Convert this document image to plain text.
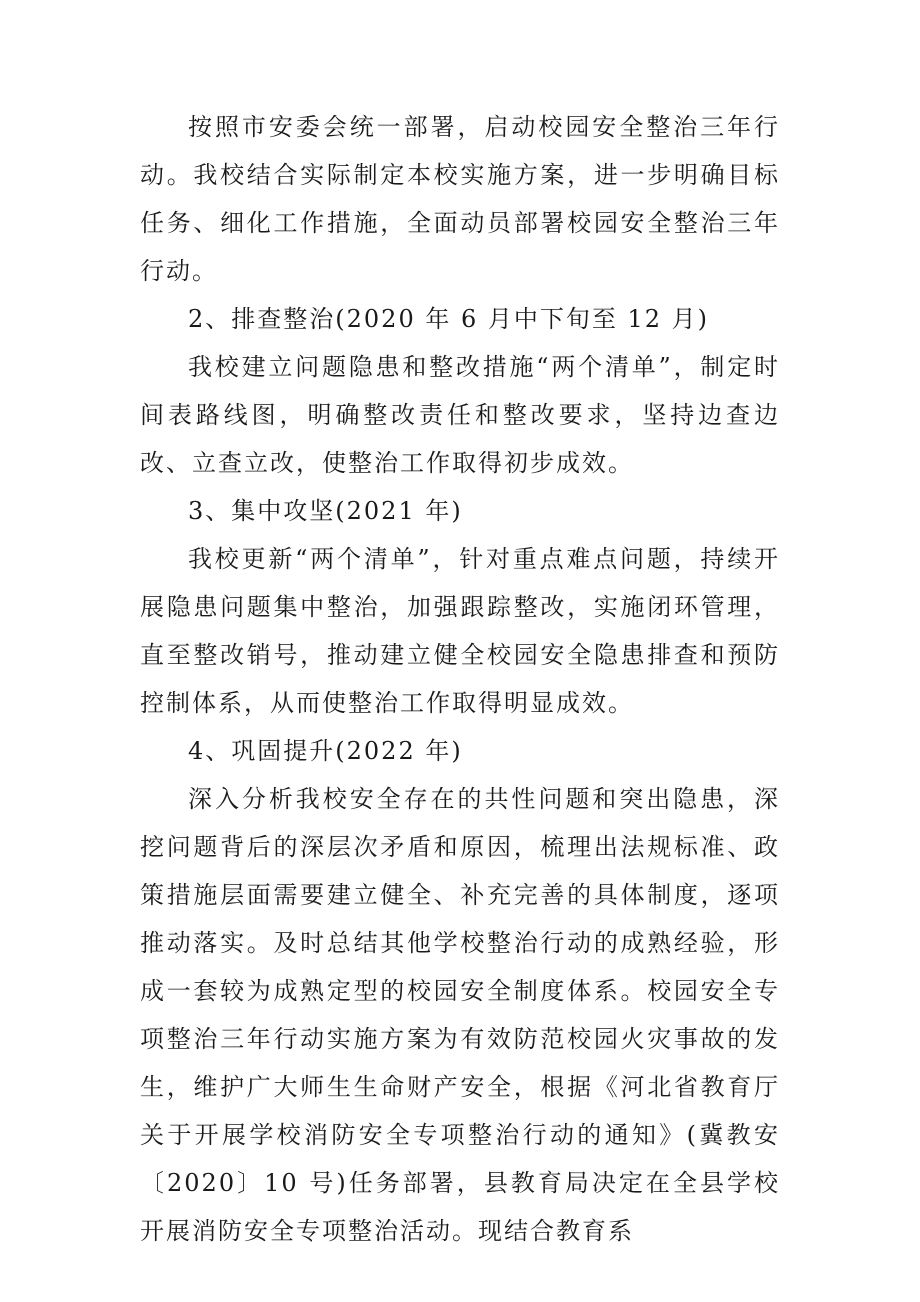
按照市安委会统一部署，启动校园安全整治三年行动。我校结合实际制定本校实施方案，进一步明确目标任务、细化工作措施，全面动员部署校园安全整治三年行动。

2、排查整治(2020 年 6 月中下旬至 12 月)

我校建立问题隐患和整改措施“两个清单”，制定时间表路线图，明确整改责任和整改要求，坚持边查边改、立查立改，使整治工作取得初步成效。

3、集中攻坚(2021 年)

我校更新“两个清单”，针对重点难点问题，持续开展隐患问题集中整治，加强跟踪整改，实施闭环管理，直至整改销号，推动建立健全校园安全隐患排查和预防控制体系，从而使整治工作取得明显成效。

4、巩固提升(2022 年)

深入分析我校安全存在的共性问题和突出隐患，深挖问题背后的深层次矛盾和原因，梳理出法规标准、政策措施层面需要建立健全、补充完善的具体制度，逐项推动落实。及时总结其他学校整治行动的成熟经验，形成一套较为成熟定型的校园安全制度体系。校园安全专项整治三年行动实施方案为有效防范校园火灾事故的发生，维护广大师生生命财产安全，根据《河北省教育厅关于开展学校消防安全专项整治行动的通知》(冀教安〔2020〕10 号)任务部署，县教育局决定在全县学校开展消防安全专项整治活动。现结合教育系
